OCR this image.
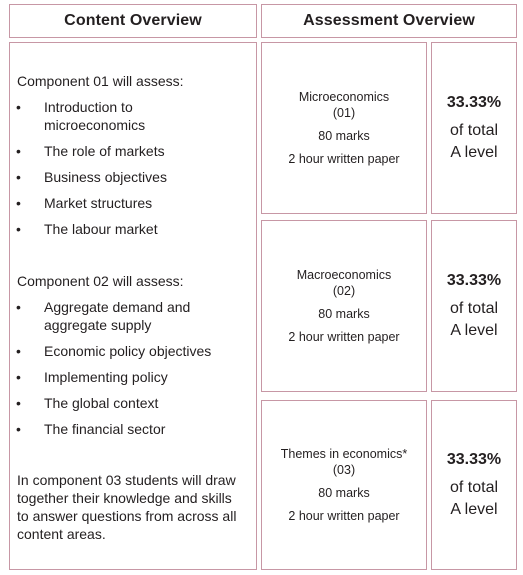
Content Overview	Assessment Overview
Component 01 will assess:
• Introduction to
microeconomics
• The role of markets
• Business objectives
• Market structures
• The labour market
Component 02 will assess:
• Aggregate demand and
aggregate supply
• Economic policy objectives
• Implementing policy
• The global context
• The financial sector
In component 03 students will draw
together their knowledge and skills
to answer questions from across all
content areas.
Microeconomics
(01)
80 marks
2 hour written paper
33.33%
of total
A level
Macroeconomics
(02)
80 marks
2 hour written paper
33.33%
of total
A level
Themes in economics*
(03)
80 marks
2 hour written paper
33.33%
of total
A level
